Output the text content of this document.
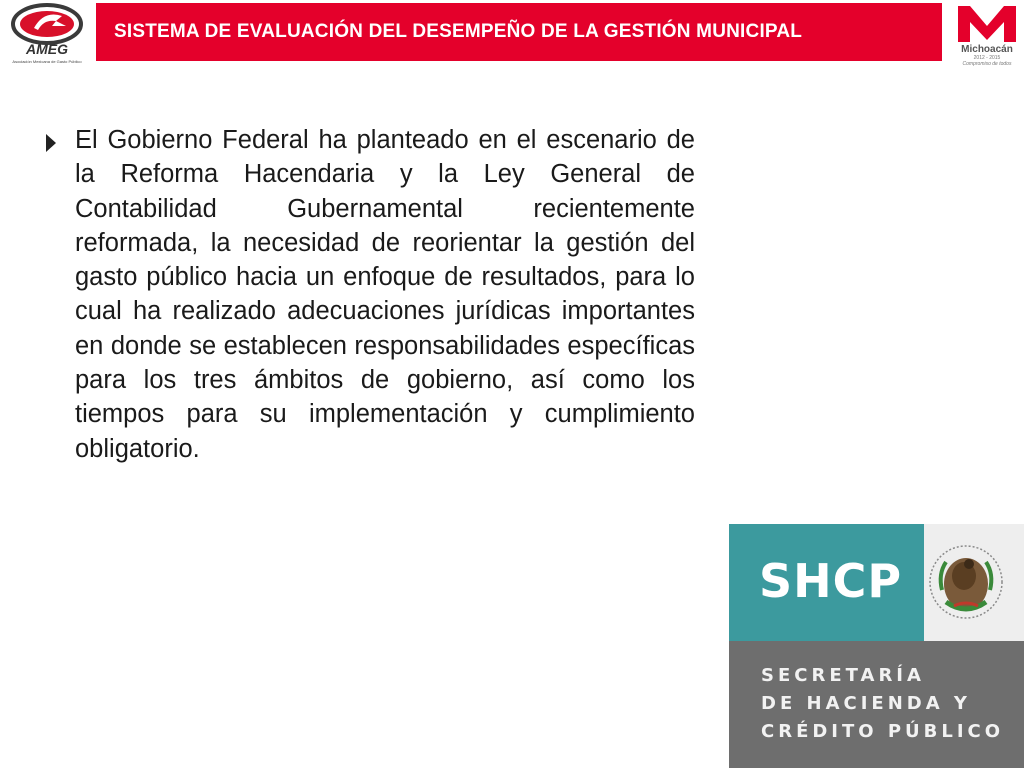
AMEG
Asociación Mexicana de Gasto Público
SISTEMA DE EVALUACIÓN DEL DESEMPEÑO DE LA GESTIÓN MUNICIPAL
Michoacán
2012 - 2015
Compromiso de todos
El Gobierno Federal ha planteado en el escenario de la Reforma Hacendaria y la Ley General de Contabilidad Gubernamental recientemente reformada, la necesidad de reorientar la gestión del gasto público hacia un enfoque de resultados, para lo cual ha realizado adecuaciones jurídicas importantes en donde se establecen responsabilidades específicas para los tres ámbitos de gobierno, así como los tiempos para su implementación y cumplimiento obligatorio.
SHCP
SECRETARÍA
DE HACIENDA Y
CRÉDITO PÚBLICO
